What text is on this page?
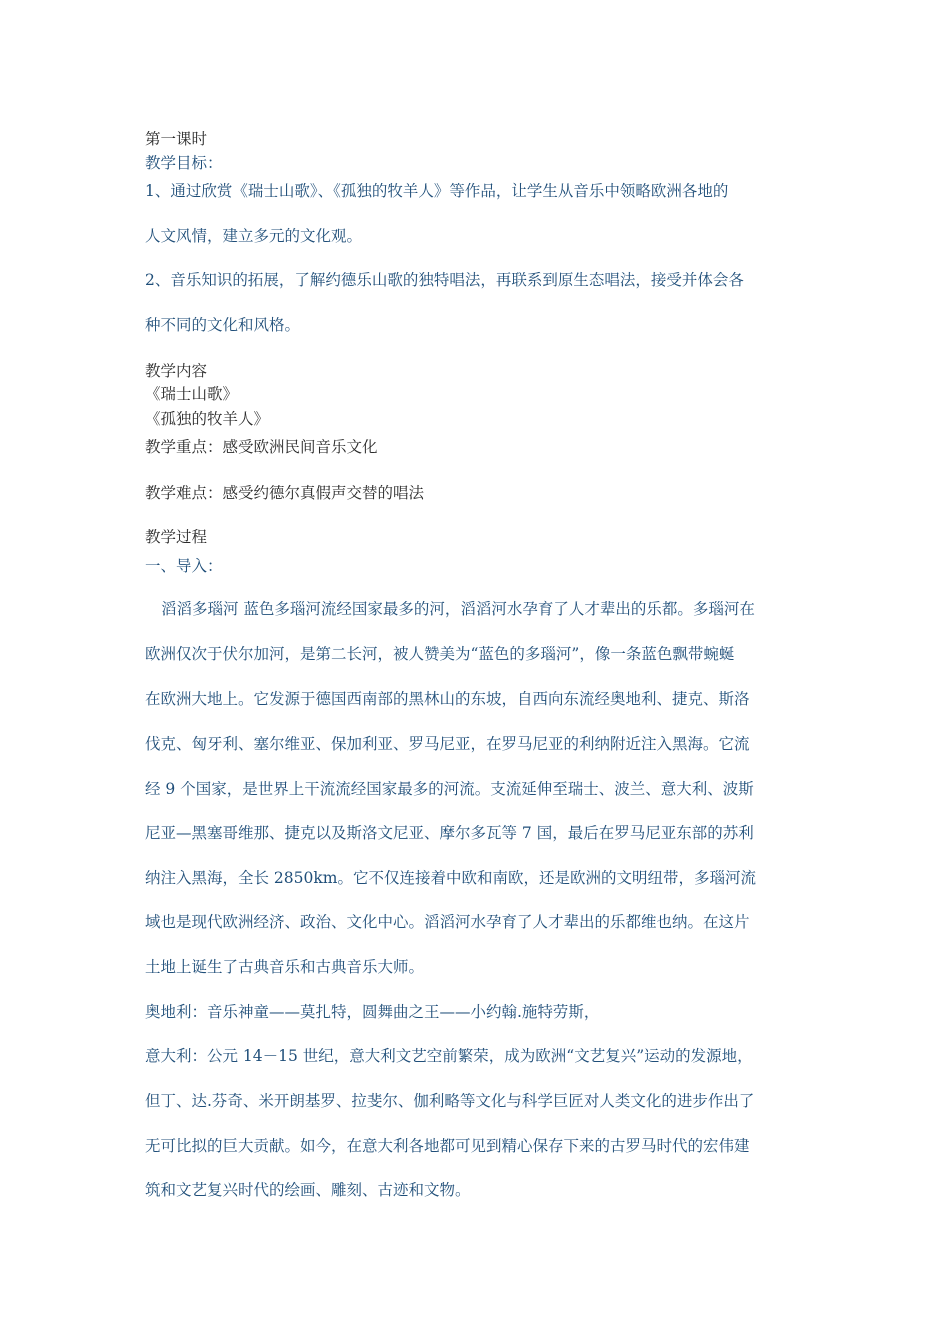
第一课时
教学目标：
1、通过欣赏《瑞士山歌》、《孤独的牧羊人》等作品，让学生从音乐中领略欧洲各地的
人文风情，建立多元的文化观。
2、音乐知识的拓展，了解约德乐山歌的独特唱法，再联系到原生态唱法，接受并体会各
种不同的文化和风格。
教学内容
《瑞士山歌》
《孤独的牧羊人》
教学重点：感受欧洲民间音乐文化
教学难点：感受约德尔真假声交替的唱法
教学过程
一、导入：
滔滔多瑙河 蓝色多瑙河流经国家最多的河，滔滔河水孕育了人才辈出的乐都。多瑙河在
欧洲仅次于伏尔加河，是第二长河，被人赞美为“蓝色的多瑙河”，像一条蓝色飘带蜿蜒
在欧洲大地上。它发源于德国西南部的黑林山的东坡，自西向东流经奥地利、捷克、斯洛
伐克、匈牙利、塞尔维亚、保加利亚、罗马尼亚，在罗马尼亚的利纳附近注入黑海。它流
经 9 个国家，是世界上干流流经国家最多的河流。支流延伸至瑞士、波兰、意大利、波斯
尼亚—黑塞哥维那、捷克以及斯洛文尼亚、摩尔多瓦等 7 国，最后在罗马尼亚东部的苏利
纳注入黑海，全长 2850km。它不仅连接着中欧和南欧，还是欧洲的文明纽带，多瑙河流
域也是现代欧洲经济、政治、文化中心。滔滔河水孕育了人才辈出的乐都维也纳。在这片
土地上诞生了古典音乐和古典音乐大师。
奥地利：音乐神童——莫扎特，圆舞曲之王——小约翰.施特劳斯，
意大利：公元 14－15 世纪，意大利文艺空前繁荣，成为欧洲“文艺复兴”运动的发源地，
但丁、达.芬奇、米开朗基罗、拉斐尔、伽利略等文化与科学巨匠对人类文化的进步作出了
无可比拟的巨大贡献。如今，在意大利各地都可见到精心保存下来的古罗马时代的宏伟建
筑和文艺复兴时代的绘画、雕刻、古迹和文物。
